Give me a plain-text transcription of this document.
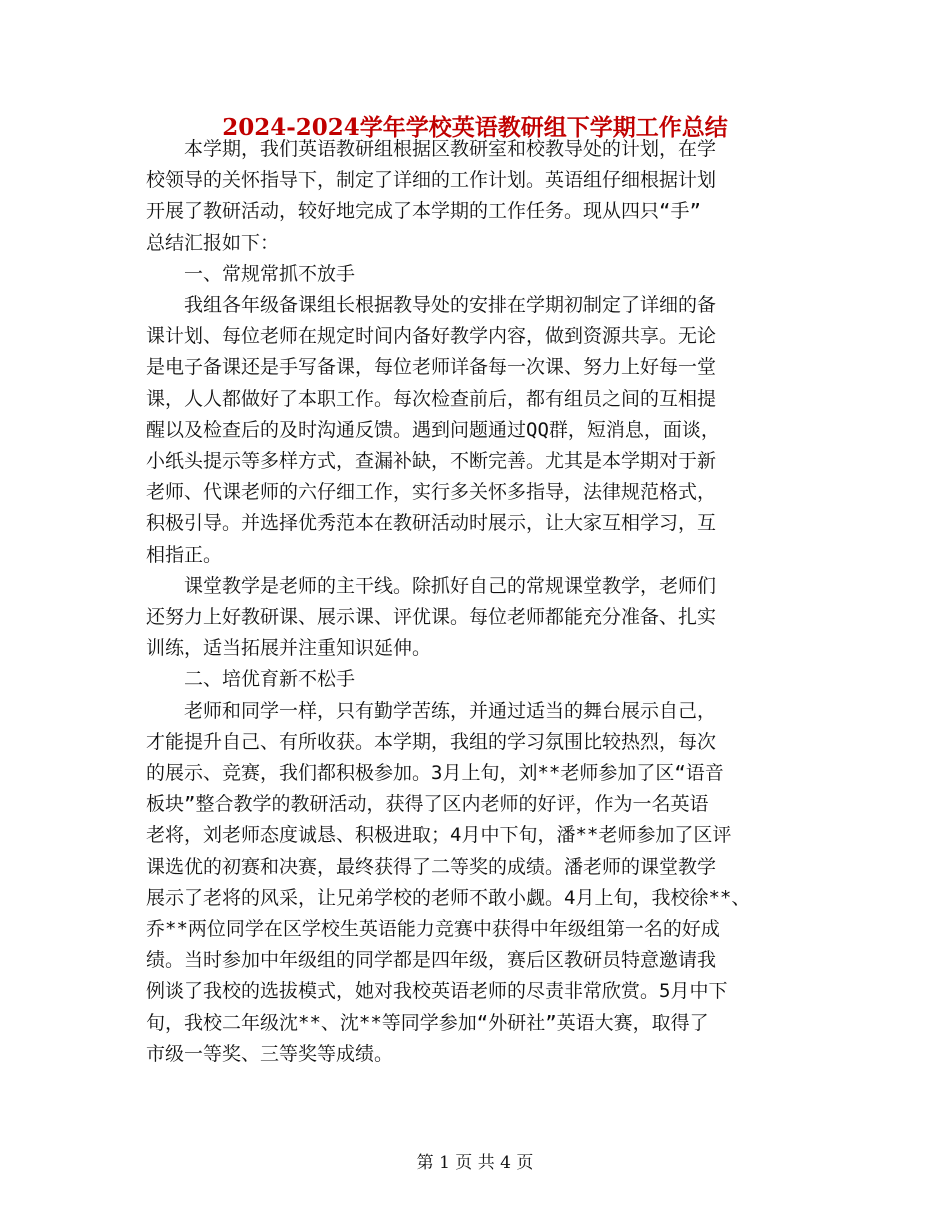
2024-2024学年学校英语教研组下学期工作总结
　　本学期，我们英语教研组根据区教研室和校教导处的计划，在学
校领导的关怀指导下，制定了详细的工作计划。英语组仔细根据计划
开展了教研活动，较好地完成了本学期的工作任务。现从四只“手”
总结汇报如下：
　　一、常规常抓不放手
　　我组各年级备课组长根据教导处的安排在学期初制定了详细的备
课计划、每位老师在规定时间内备好教学内容，做到资源共享。无论
是电子备课还是手写备课，每位老师详备每一次课、努力上好每一堂
课，人人都做好了本职工作。每次检查前后，都有组员之间的互相提
醒以及检查后的及时沟通反馈。遇到问题通过QQ群，短消息，面谈，
小纸头提示等多样方式，查漏补缺，不断完善。尤其是本学期对于新
老师、代课老师的六仔细工作，实行多关怀多指导，法律规范格式，
积极引导。并选择优秀范本在教研活动时展示，让大家互相学习，互
相指正。
　　课堂教学是老师的主干线。除抓好自己的常规课堂教学，老师们
还努力上好教研课、展示课、评优课。每位老师都能充分准备、扎实
训练，适当拓展并注重知识延伸。
　　二、培优育新不松手
　　老师和同学一样，只有勤学苦练，并通过适当的舞台展示自己，
才能提升自己、有所收获。本学期，我组的学习氛围比较热烈，每次
的展示、竞赛，我们都积极参加。3月上旬，刘**老师参加了区“语音
板块”整合教学的教研活动，获得了区内老师的好评，作为一名英语
老将，刘老师态度诚恳、积极进取；4月中下旬，潘**老师参加了区评
课选优的初赛和决赛，最终获得了二等奖的成绩。潘老师的课堂教学
展示了老将的风采，让兄弟学校的老师不敢小觑。4月上旬，我校徐**、
乔**两位同学在区学校生英语能力竞赛中获得中年级组第一名的好成
绩。当时参加中年级组的同学都是四年级，赛后区教研员特意邀请我
例谈了我校的选拔模式，她对我校英语老师的尽责非常欣赏。5月中下
旬，我校二年级沈**、沈**等同学参加“外研社”英语大赛，取得了
市级一等奖、三等奖等成绩。
第 1 页 共 4 页
